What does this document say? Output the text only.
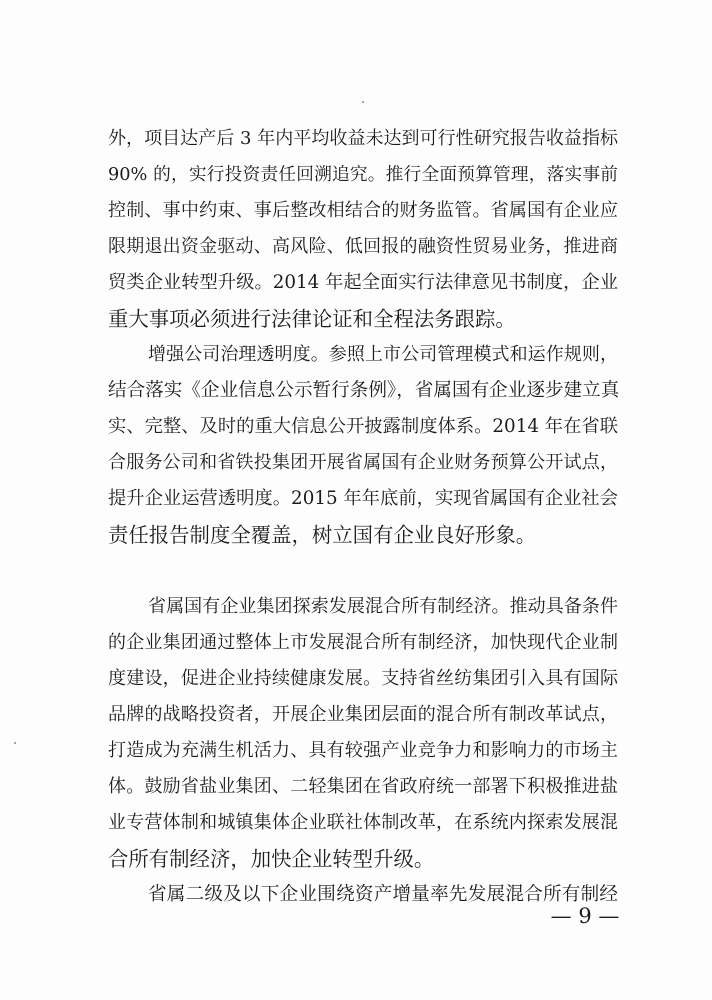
外，项目达产后 3 年内平均收益未达到可行性研究报告收益指标
90% 的，实行投资责任回溯追究。推行全面预算管理，落实事前
控制、事中约束、事后整改相结合的财务监管。省属国有企业应
限期退出资金驱动、高风险、低回报的融资性贸易业务，推进商
贸类企业转型升级。2014 年起全面实行法律意见书制度，企业
重大事项必须进行法律论证和全程法务跟踪。
增强公司治理透明度。参照上市公司管理模式和运作规则，
结合落实《企业信息公示暂行条例》，省属国有企业逐步建立真
实、完整、及时的重大信息公开披露制度体系。2014 年在省联
合服务公司和省铁投集团开展省属国有企业财务预算公开试点，
提升企业运营透明度。2015 年年底前，实现省属国有企业社会
责任报告制度全覆盖，树立国有企业良好形象。
省属国有企业集团探索发展混合所有制经济。推动具备条件
的企业集团通过整体上市发展混合所有制经济，加快现代企业制
度建设，促进企业持续健康发展。支持省丝纺集团引入具有国际
品牌的战略投资者，开展企业集团层面的混合所有制改革试点，
打造成为充满生机活力、具有较强产业竞争力和影响力的市场主
体。鼓励省盐业集团、二轻集团在省政府统一部署下积极推进盐
业专营体制和城镇集体企业联社体制改革，在系统内探索发展混
合所有制经济，加快企业转型升级。
省属二级及以下企业围绕资产增量率先发展混合所有制经
— 9 —
